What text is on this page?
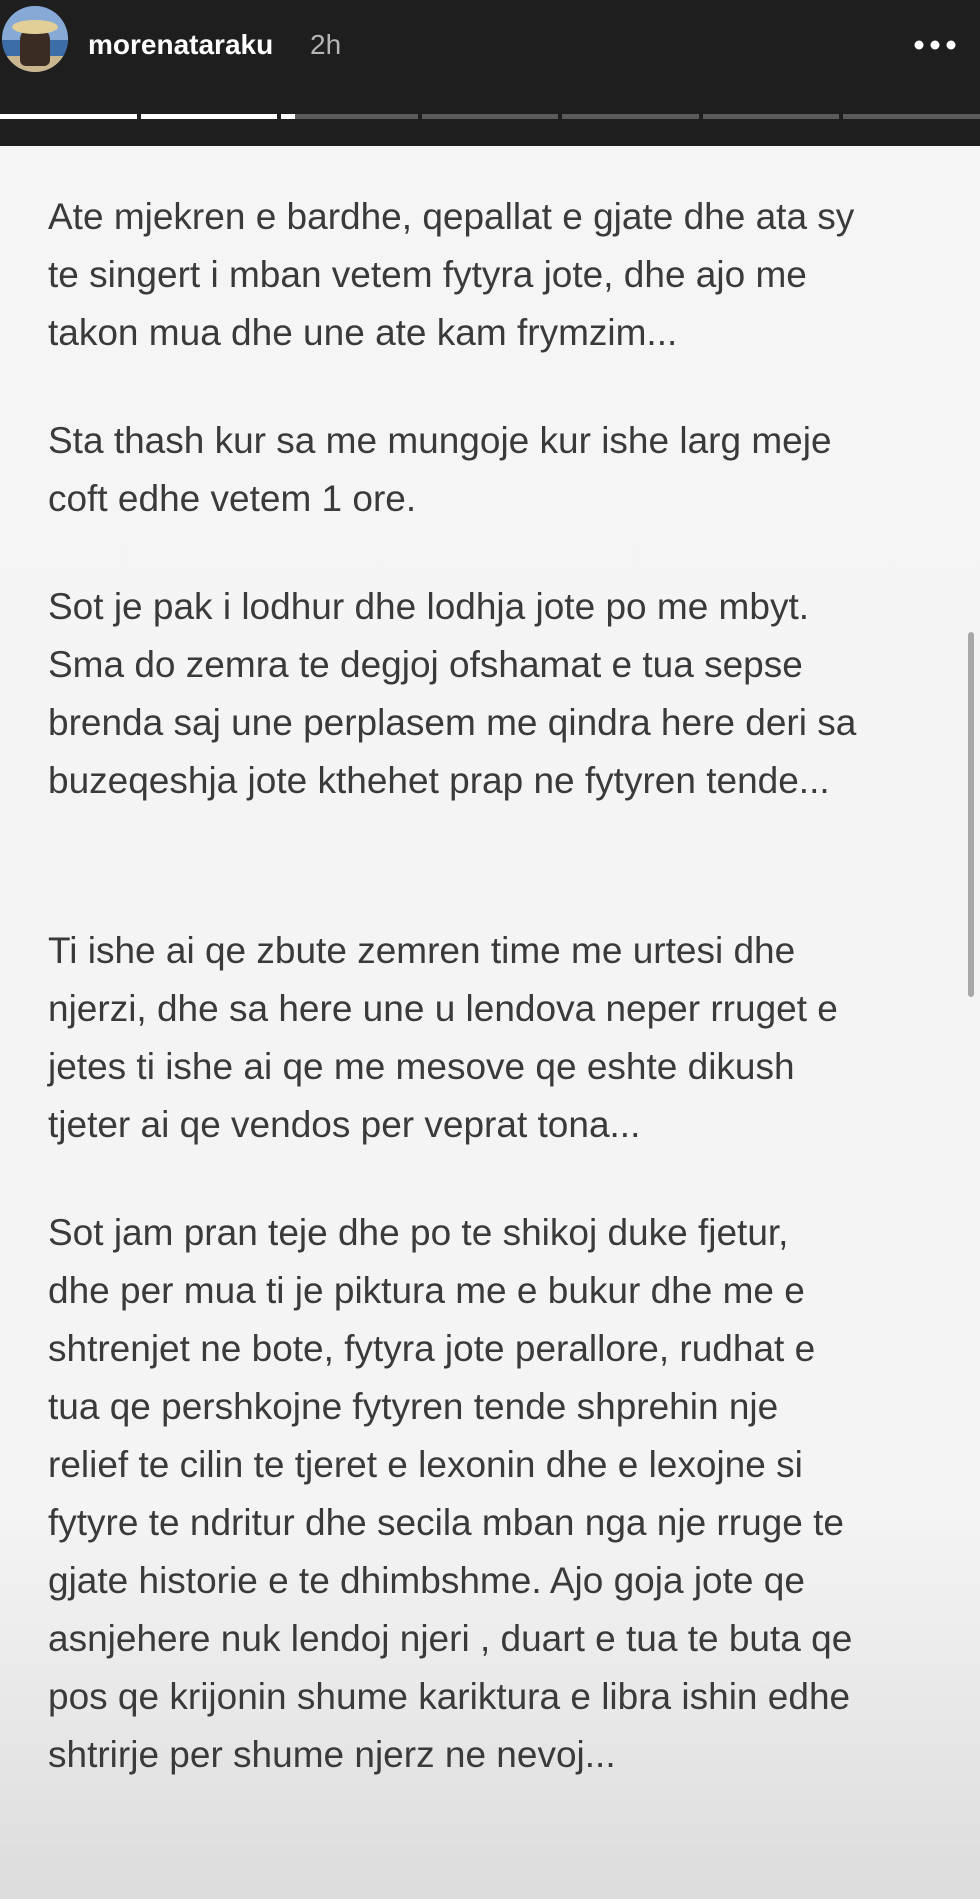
morenataraku 2h

Ate mjekren e bardhe, qepallat e gjate dhe ata sy
te singert i mban vetem fytyra jote, dhe ajo me
takon mua dhe une ate kam frymzim...

Sta thash kur sa me mungoje kur ishe larg meje
coft edhe vetem 1 ore.

Sot je pak i lodhur dhe lodhja jote po me mbyt.
Sma do zemra te degjoj ofshamat e tua sepse
brenda saj une perplasem me qindra here deri sa
buzeqeshja jote kthehet prap ne fytyren tende...

Ti ishe ai qe zbute zemren time me urtesi dhe
njerzi, dhe sa here une u lendova neper rruget e
jetes ti ishe ai qe me mesove qe eshte dikush
tjeter ai qe vendos per veprat tona...

Sot jam pran teje dhe po te shikoj duke fjetur,
dhe per mua ti je piktura me e bukur dhe me e
shtrenjet ne bote, fytyra jote perallore, rudhat e
tua qe pershkojne fytyren tende shprehin nje
relief te cilin te tjeret e lexonin dhe e lexojne si
fytyre te ndritur dhe secila mban nga nje rruge te
gjate historie e te dhimbshme. Ajo goja jote qe
asnjehere nuk lendoj njeri , duart e tua te buta qe
pos qe krijonin shume kariktura e libra ishin edhe
shtrirje per shume njerz ne nevoj...
